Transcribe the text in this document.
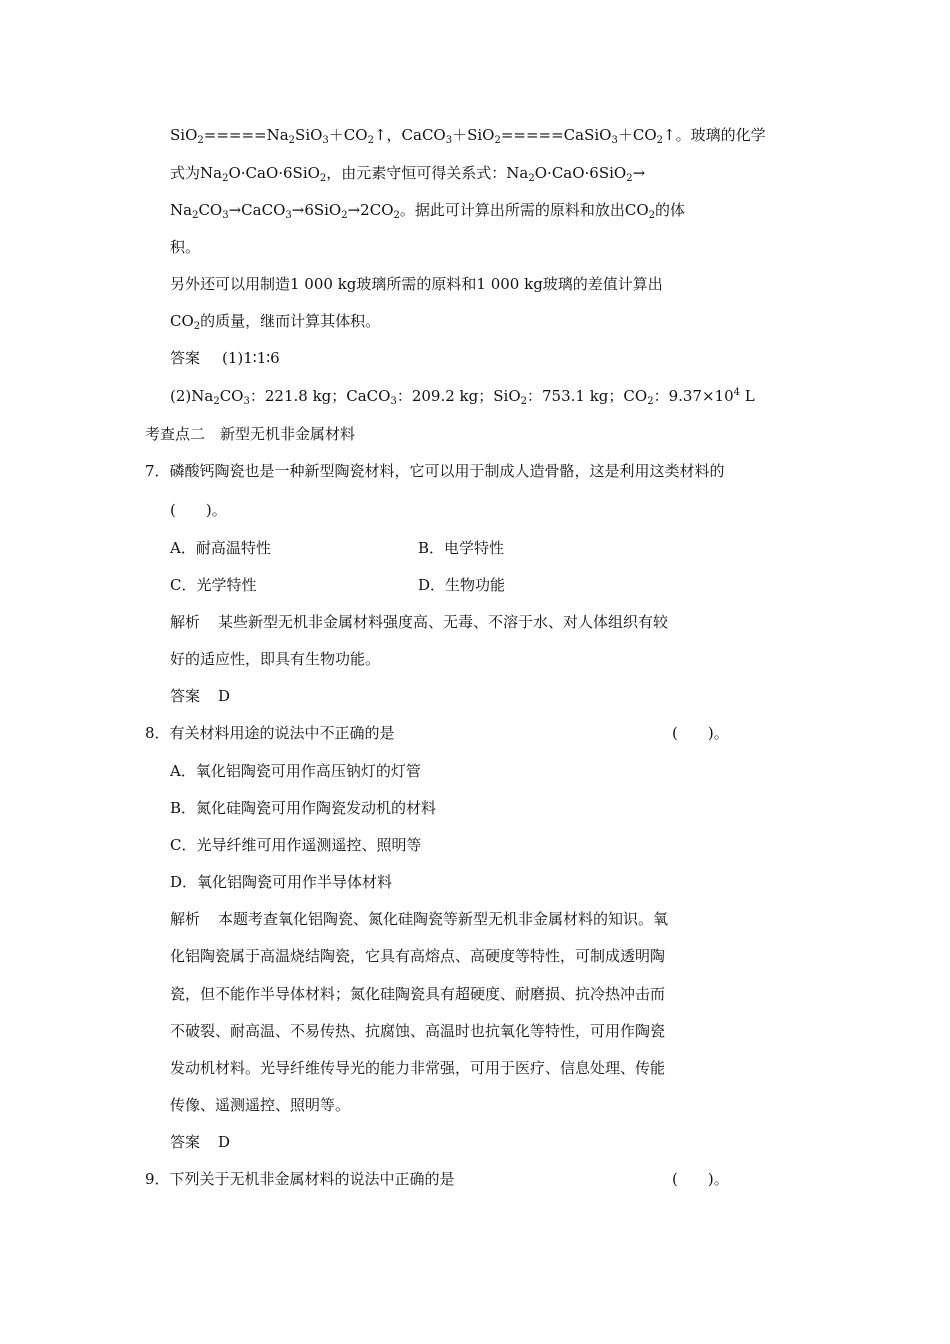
$SiO_2=====Na_2SiO_3+CO_2↑$，$CaCO_3+SiO_2=====CaSiO_3+CO_2↑$。玻璃的化学
式为$Na_2O\cdot CaO\cdot 6SiO_2$，由元素守恒可得关系式：$Na_2O\cdot CaO\cdot 6SiO_2\to$
$Na_2CO_3\to CaCO_3\to 6SiO_2\to 2CO_2$。据此可计算出所需的原料和放出$CO_2$的体
积。
另外还可以用制造1 000 kg玻璃所需的原料和1 000 kg玻璃的差值计算出
$CO_2$的质量，继而计算其体积。
答案 (1)1∶1∶6
$(2)Na_2CO_3$：221.8 kg；CaCO$_3$：209.2 kg；SiO$_2$：753.1 kg；$CO_2$：$9.37\times 10^4$ L
考查点二　新型无机非金属材料
7．磷酸钙陶瓷也是一种新型陶瓷材料，它可以用于制成人造骨骼，这是利用这类材料的
(　　)。
A．耐高温特性	B．电学特性
C．光学特性	D．生物功能
解析 某些新型无机非金属材料强度高、无毒、不溶于水、对人体组织有较
好的适应性，即具有生物功能。
答案 D
8．有关材料用途的说法中不正确的是	(　　)。
A．氧化铝陶瓷可用作高压钠灯的灯管
B．氮化硅陶瓷可用作陶瓷发动机的材料
C．光导纤维可用作遥测遥控、照明等
D．氧化铝陶瓷可用作半导体材料
解析 本题考查氧化铝陶瓷、氮化硅陶瓷等新型无机非金属材料的知识。氧
化铝陶瓷属于高温烧结陶瓷，它具有高熔点、高硬度等特性，可制成透明陶
瓷，但不能作半导体材料；氮化硅陶瓷具有超硬度、耐磨损、抗冷热冲击而
不破裂、耐高温、不易传热、抗腐蚀、高温时也抗氧化等特性，可用作陶瓷
发动机材料。光导纤维传导光的能力非常强，可用于医疗、信息处理、传能
传像、遥测遥控、照明等。
答案 D
9．下列关于无机非金属材料的说法中正确的是	(　　)。
